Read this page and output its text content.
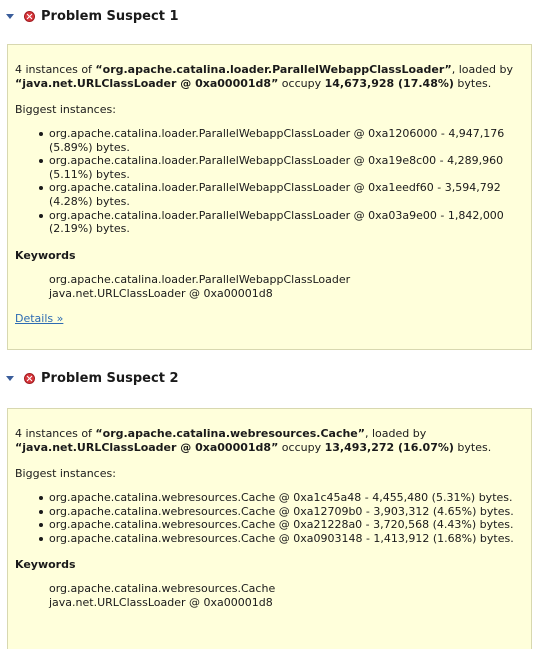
Problem Suspect 1

4 instances of “org.apache.catalina.loader.ParallelWebappClassLoader”, loaded by “java.net.URLClassLoader @ 0xa00001d8” occupy 14,673,928 (17.48%) bytes.

Biggest instances:
org.apache.catalina.loader.ParallelWebappClassLoader @ 0xa1206000 - 4,947,176 (5.89%) bytes.
org.apache.catalina.loader.ParallelWebappClassLoader @ 0xa19e8c00 - 4,289,960 (5.11%) bytes.
org.apache.catalina.loader.ParallelWebappClassLoader @ 0xa1eedf60 - 3,594,792 (4.28%) bytes.
org.apache.catalina.loader.ParallelWebappClassLoader @ 0xa03a9e00 - 1,842,000 (2.19%) bytes.
Keywords
org.apache.catalina.loader.ParallelWebappClassLoader
java.net.URLClassLoader @ 0xa00001d8
Details »
Problem Suspect 2

4 instances of “org.apache.catalina.webresources.Cache”, loaded by “java.net.URLClassLoader @ 0xa00001d8” occupy 13,493,272 (16.07%) bytes.

Biggest instances:
org.apache.catalina.webresources.Cache @ 0xa1c45a48 - 4,455,480 (5.31%) bytes.
org.apache.catalina.webresources.Cache @ 0xa12709b0 - 3,903,312 (4.65%) bytes.
org.apache.catalina.webresources.Cache @ 0xa21228a0 - 3,720,568 (4.43%) bytes.
org.apache.catalina.webresources.Cache @ 0xa0903148 - 1,413,912 (1.68%) bytes.
Keywords
org.apache.catalina.webresources.Cache
java.net.URLClassLoader @ 0xa00001d8
